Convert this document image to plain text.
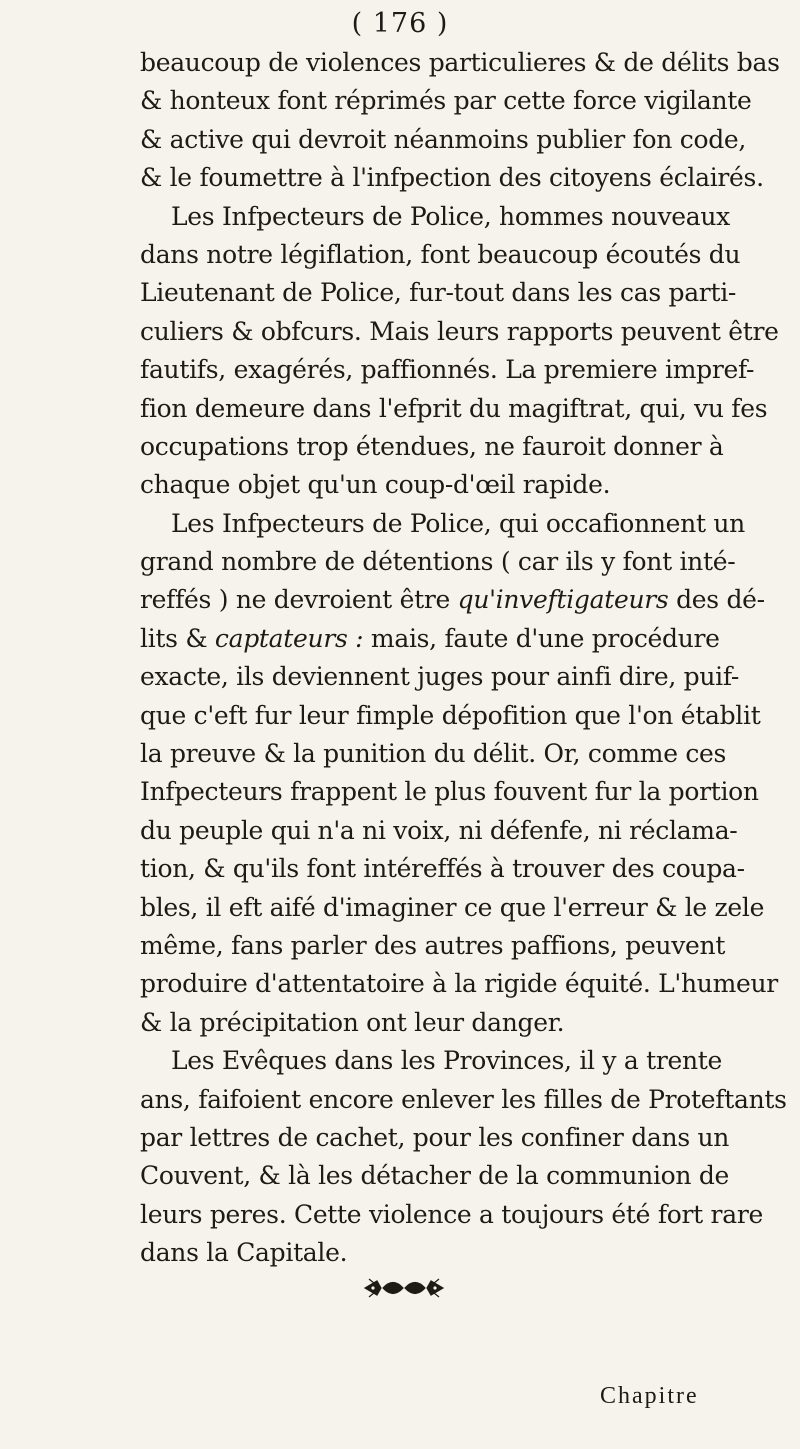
( 176 )
beaucoup de violences particulieres & de délits bas
& honteux font réprimés par cette force vigilante
& active qui devroit néanmoins publier fon code,
& le foumettre à l'infpection des citoyens éclairés.
Les Infpecteurs de Police, hommes nouveaux
dans notre légiflation, font beaucoup écoutés du
Lieutenant de Police, fur-tout dans les cas parti-
culiers & obfcurs. Mais leurs rapports peuvent être
fautifs, exagérés, paffionnés. La premiere impref-
fion demeure dans l'efprit du magiftrat, qui, vu fes
occupations trop étendues, ne fauroit donner à
chaque objet qu'un coup-d'œil rapide.
Les Infpecteurs de Police, qui occafionnent un
grand nombre de détentions ( car ils y font inté-
reffés ) ne devroient être qu'inveftigateurs des dé-
lits & captateurs : mais, faute d'une procédure
exacte, ils deviennent juges pour ainfi dire, puif-
que c'eft fur leur fimple dépofition que l'on établit
la preuve & la punition du délit. Or, comme ces
Infpecteurs frappent le plus fouvent fur la portion
du peuple qui n'a ni voix, ni défenfe, ni réclama-
tion, & qu'ils font intéreffés à trouver des coupa-
bles, il eft aifé d'imaginer ce que l'erreur & le zele
même, fans parler des autres paffions, peuvent
produire d'attentatoire à la rigide équité. L'humeur
& la précipitation ont leur danger.
Les Evêques dans les Provinces, il y a trente
ans, faifoient encore enlever les filles de Proteftants
par lettres de cachet, pour les confiner dans un
Couvent, & là les détacher de la communion de
leurs peres. Cette violence a toujours été fort rare
dans la Capitale.
Chapitre
